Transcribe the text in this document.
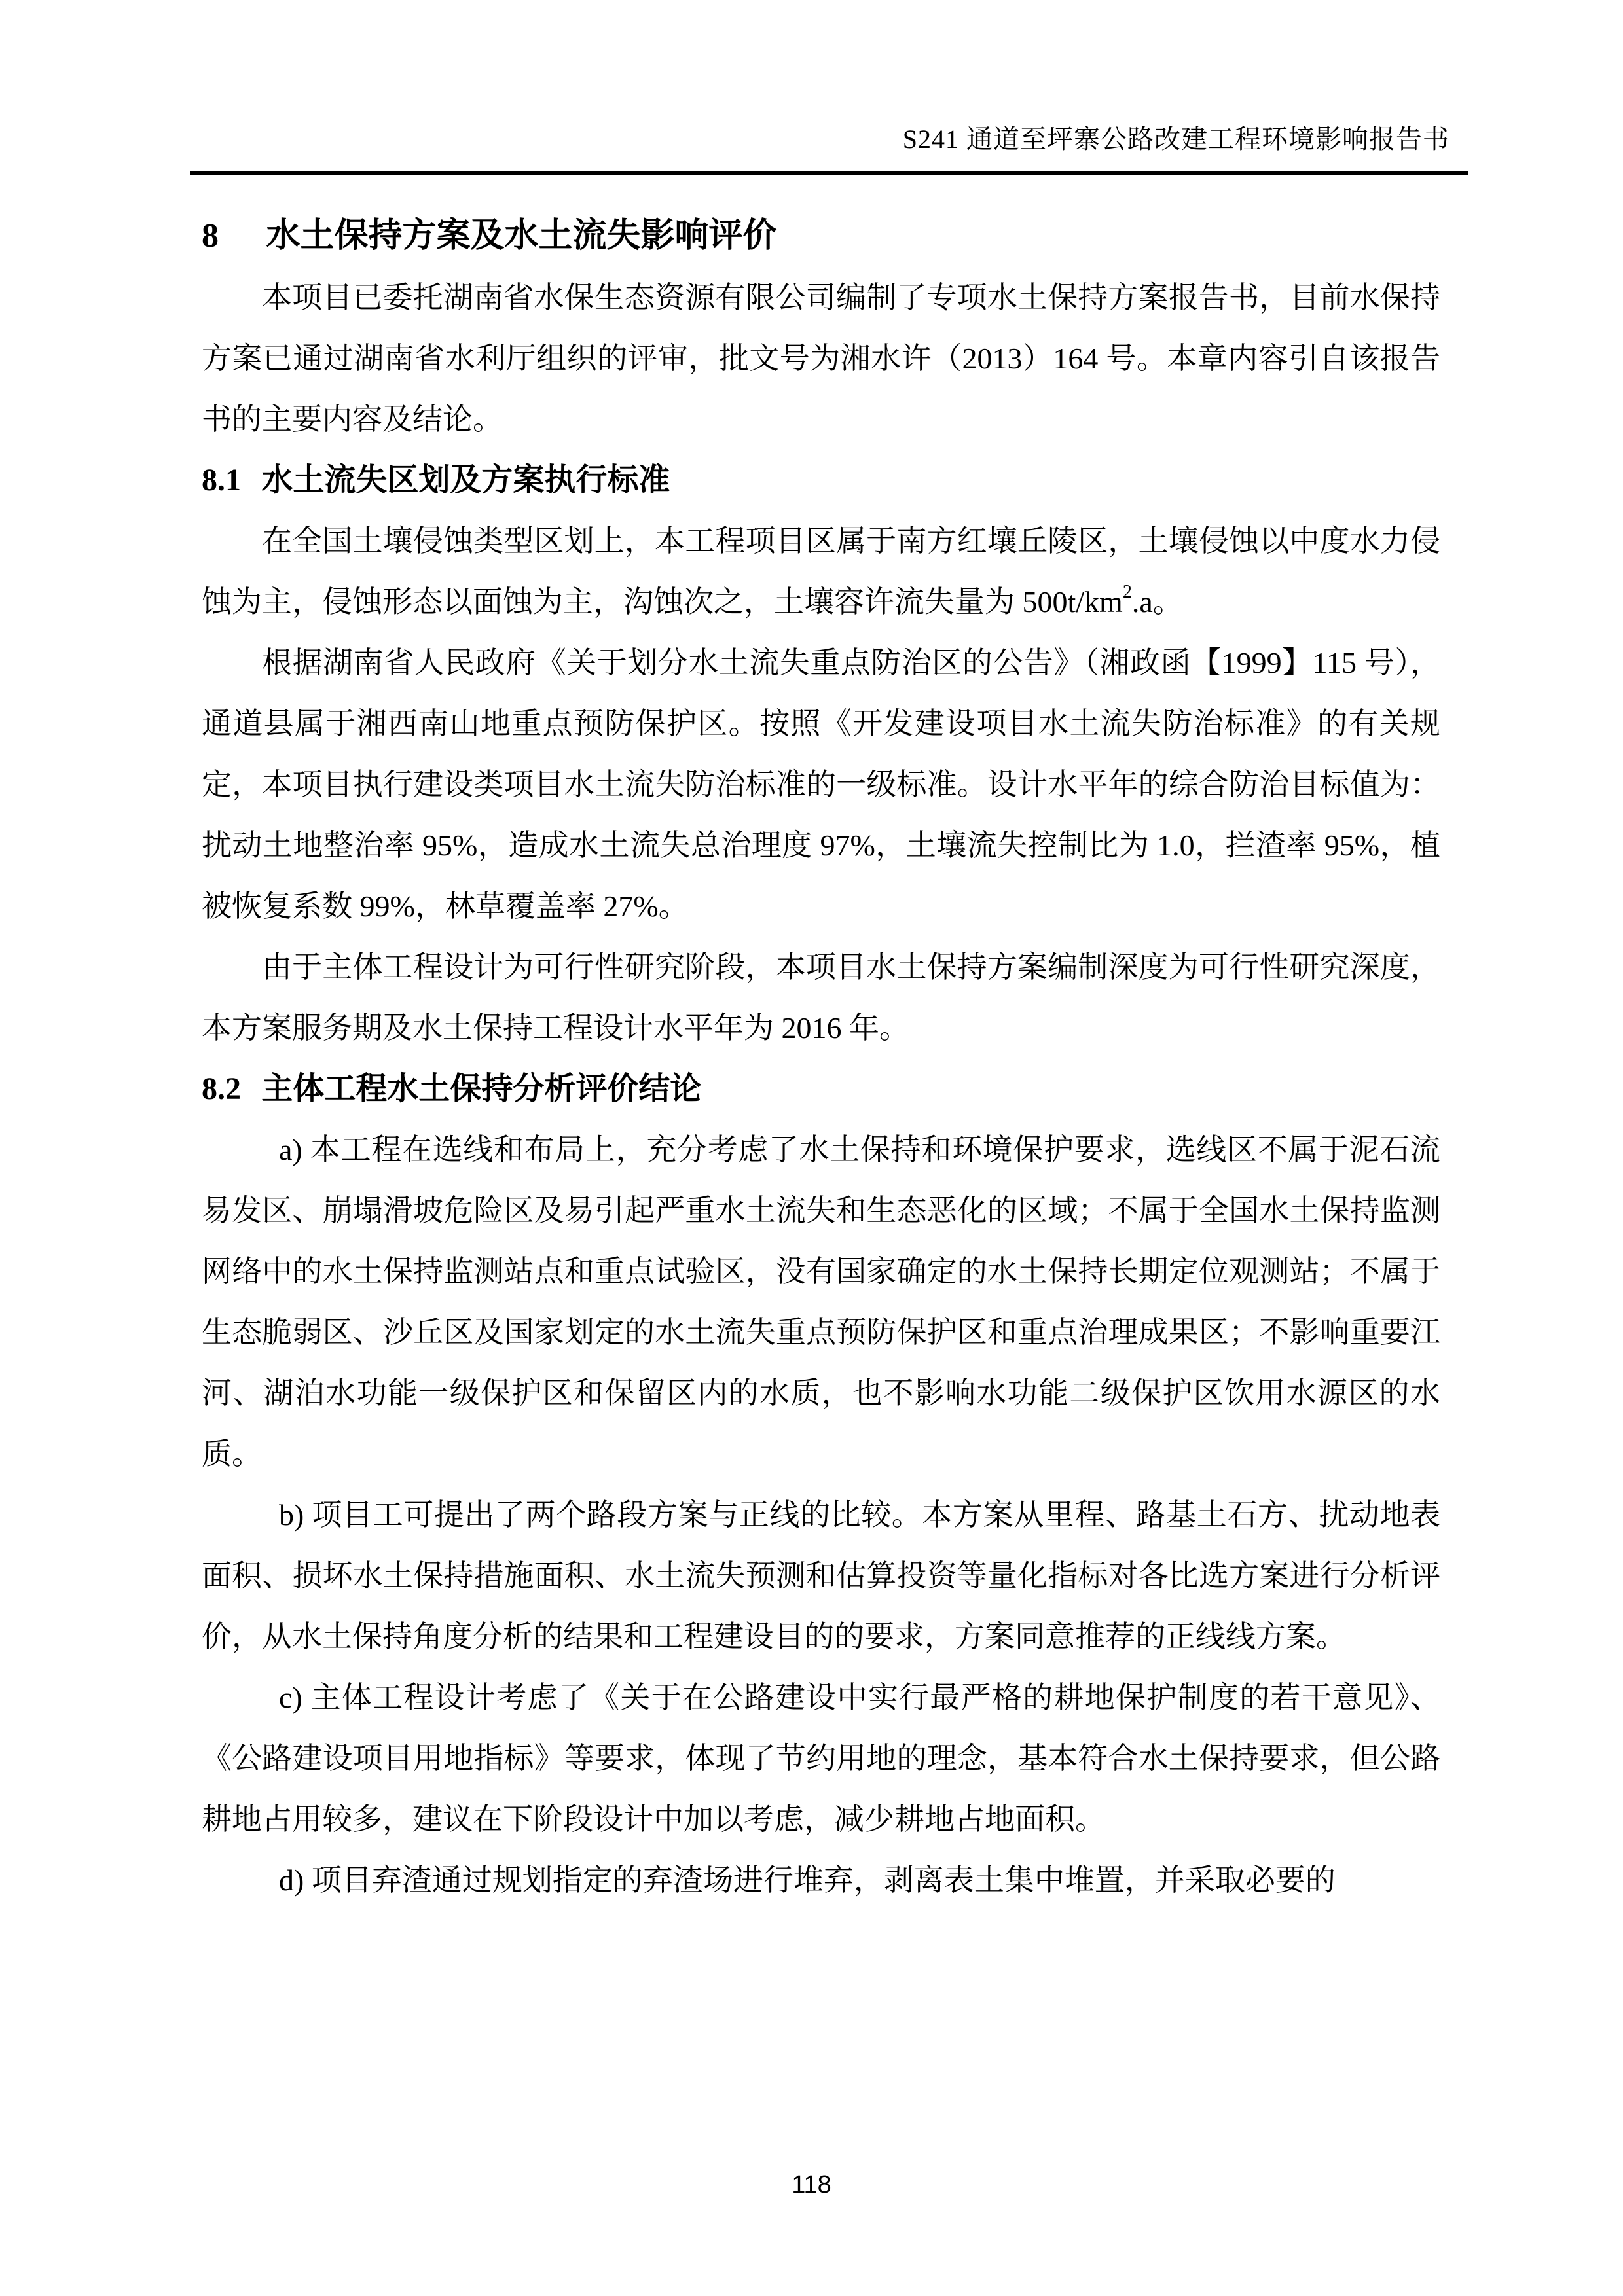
S241 通道至坪寨公路改建工程环境影响报告书
8 水土保持方案及水土流失影响评价

本项目已委托湖南省水保生态资源有限公司编制了专项水土保持方案报告书，目前水保持方案已通过湖南省水利厅组织的评审，批文号为湘水许（2013）164 号。本章内容引自该报告书的主要内容及结论。

8.1 水土流失区划及方案执行标准

在全国土壤侵蚀类型区划上，本工程项目区属于南方红壤丘陵区，土壤侵蚀以中度水力侵蚀为主，侵蚀形态以面蚀为主，沟蚀次之，土壤容许流失量为 $500t/km^2.a$。

根据湖南省人民政府《关于划分水土流失重点防治区的公告》（湘政函【1999】115 号），通道县属于湘西南山地重点预防保护区。按照《开发建设项目水土流失防治标准》的有关规定，本项目执行建设类项目水土流失防治标准的一级标准。设计水平年的综合防治目标值为：扰动土地整治率 95%，造成水土流失总治理度 97%，土壤流失控制比为 1.0，拦渣率 95%，植被恢复系数 99%，林草覆盖率 27%。

由于主体工程设计为可行性研究阶段，本项目水土保持方案编制深度为可行性研究深度，本方案服务期及水土保持工程设计水平年为 2016 年。

8.2 主体工程水土保持分析评价结论

a) 本工程在选线和布局上，充分考虑了水土保持和环境保护要求，选线区不属于泥石流易发区、崩塌滑坡危险区及易引起严重水土流失和生态恶化的区域；不属于全国水土保持监测网络中的水土保持监测站点和重点试验区，没有国家确定的水土保持长期定位观测站；不属于生态脆弱区、沙丘区及国家划定的水土流失重点预防保护区和重点治理成果区；不影响重要江河、湖泊水功能一级保护区和保留区内的水质，也不影响水功能二级保护区饮用水源区的水质。

b) 项目工可提出了两个路段方案与正线的比较。本方案从里程、路基土石方、扰动地表面积、损坏水土保持措施面积、水土流失预测和估算投资等量化指标对各比选方案进行分析评价，从水土保持角度分析的结果和工程建设目的的要求，方案同意推荐的正线线方案。

c) 主体工程设计考虑了《关于在公路建设中实行最严格的耕地保护制度的若干意见》、《公路建设项目用地指标》等要求，体现了节约用地的理念，基本符合水土保持要求，但公路耕地占用较多，建议在下阶段设计中加以考虑，减少耕地占地面积。

d) 项目弃渣通过规划指定的弃渣场进行堆弃，剥离表土集中堆置，并采取必要的

118
